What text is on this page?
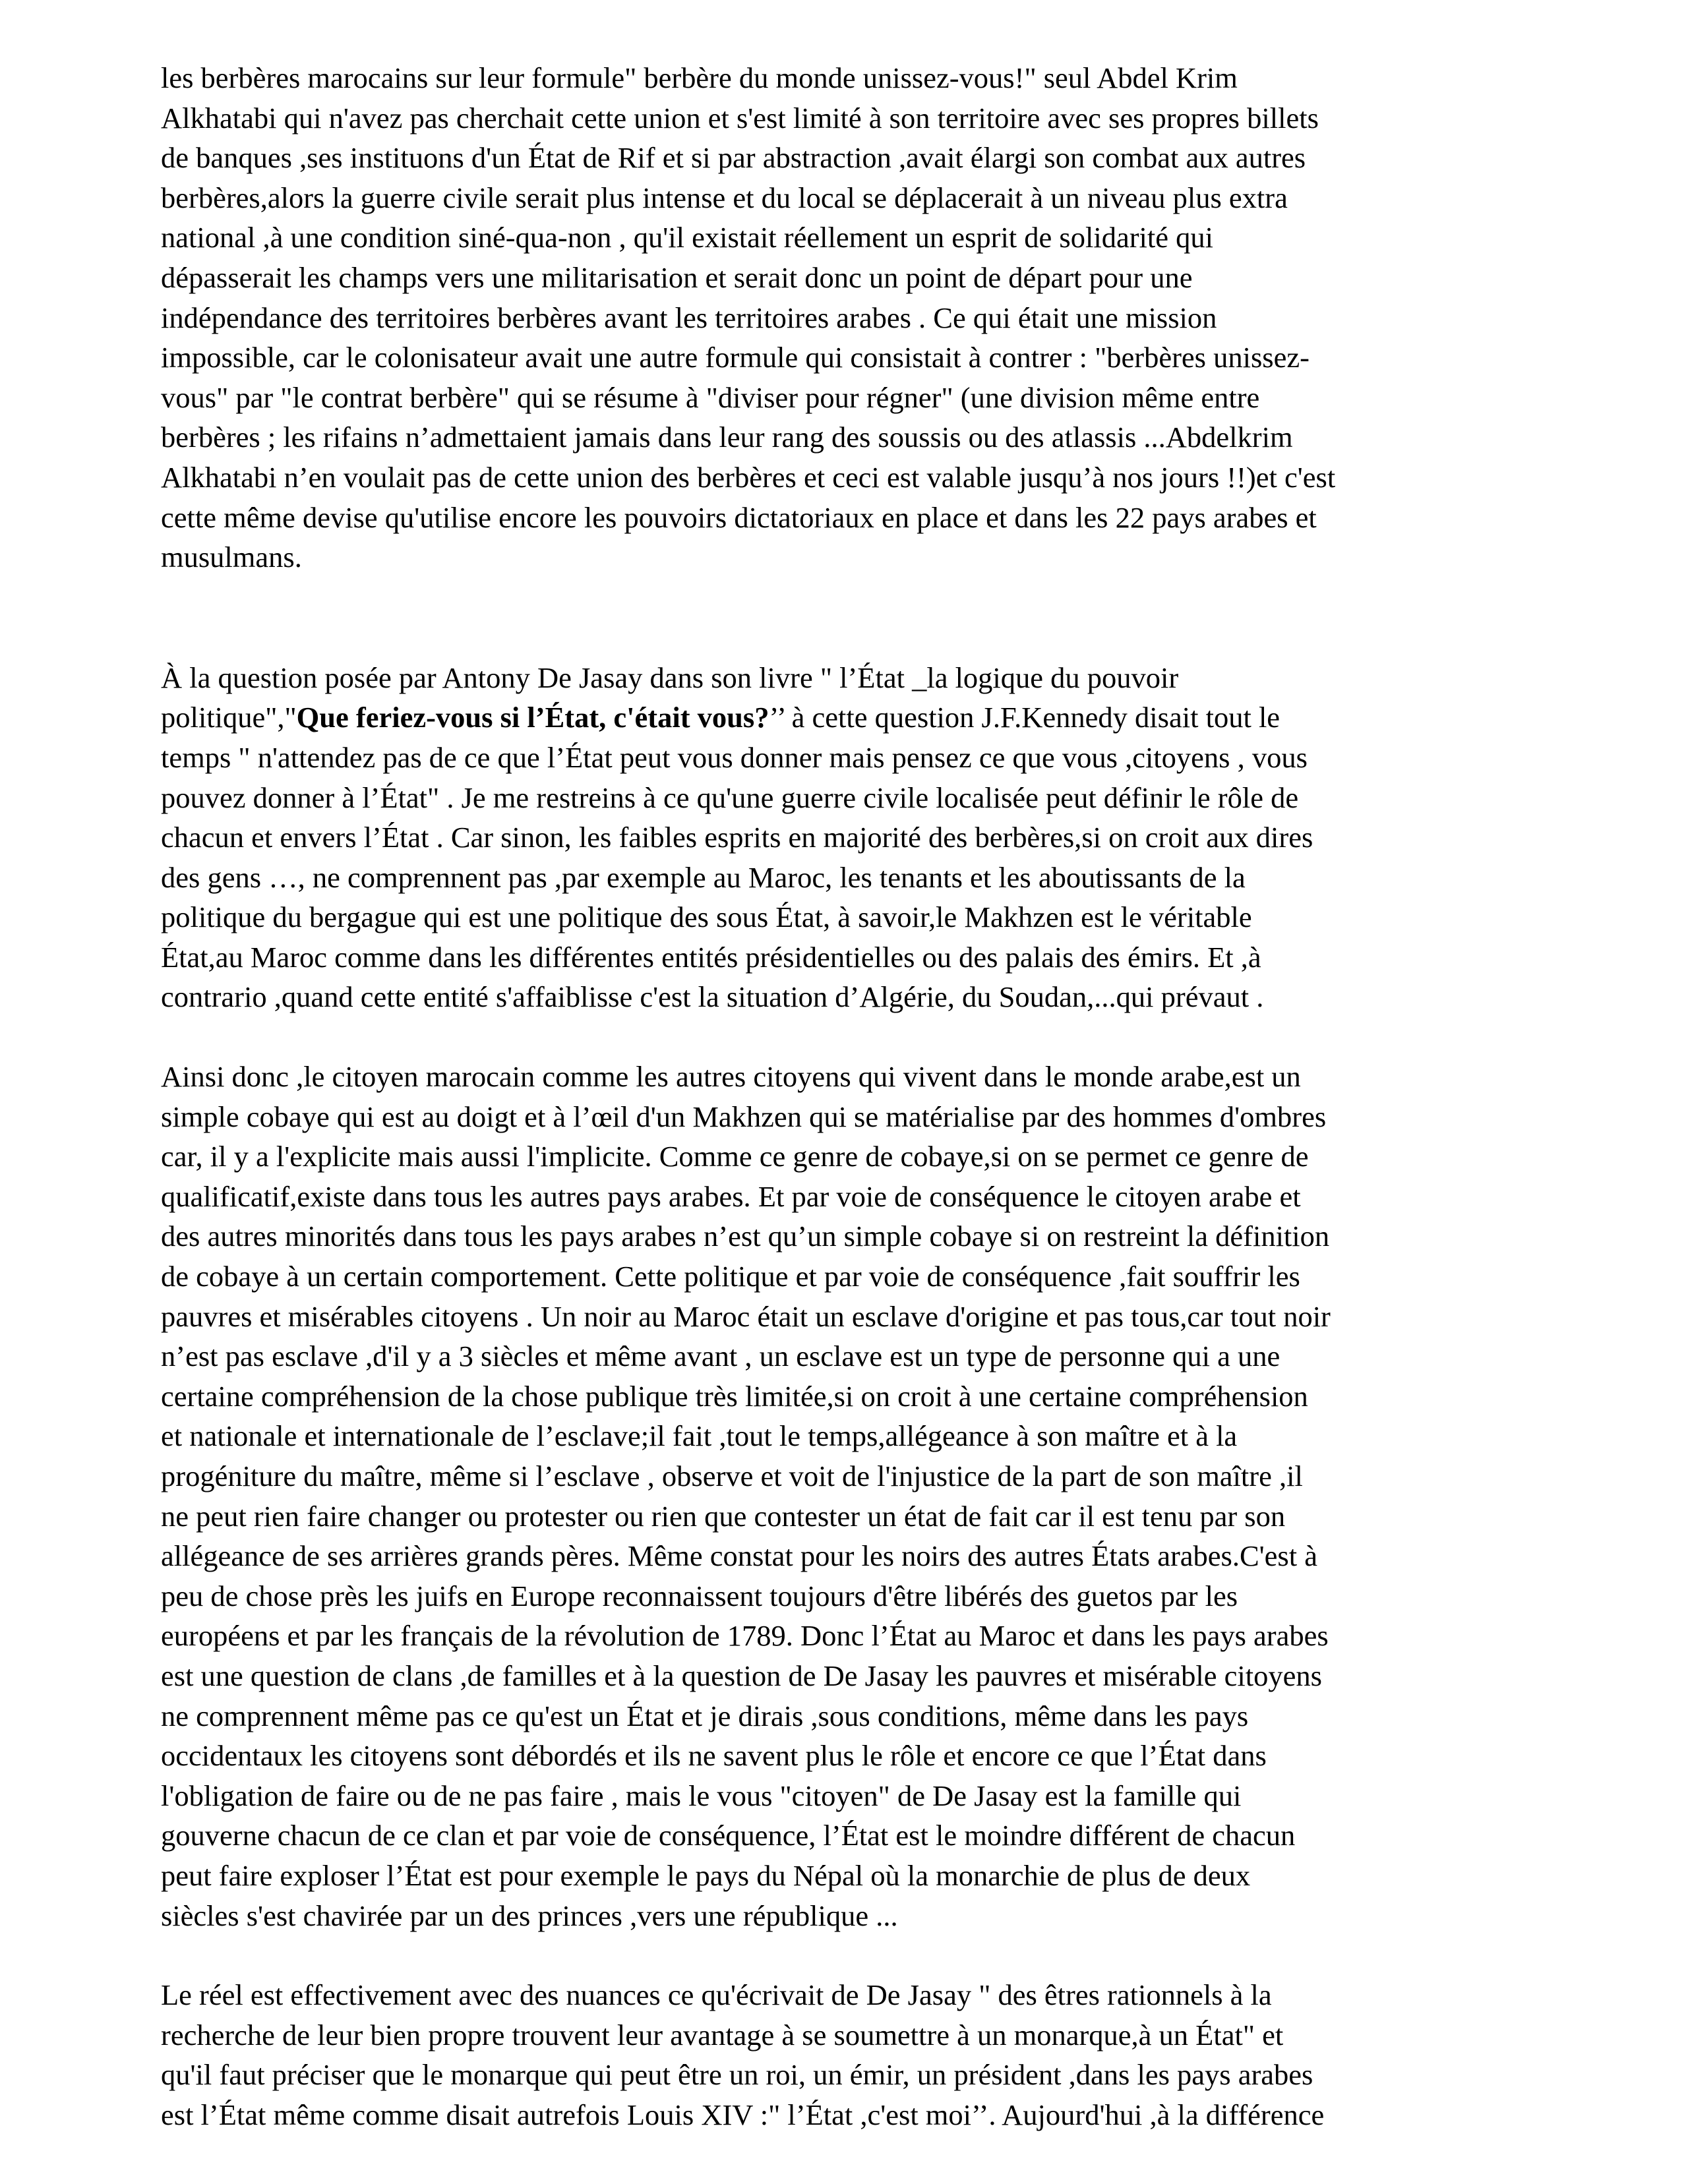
les berbères marocains sur leur formule" berbère du monde unissez-vous!" seul Abdel Krim
Alkhatabi qui n'avez pas cherchait cette union et s'est limité à son territoire avec ses propres billets
de banques ,ses instituons d'un État de Rif et si par abstraction ,avait élargi son combat aux autres
berbères,alors la guerre civile serait plus intense et du local se déplacerait à un niveau plus extra
national ,à une condition siné-qua-non , qu'il existait réellement un esprit de solidarité qui
dépasserait les champs vers une militarisation et serait donc un point de départ pour une
indépendance des territoires berbères avant les territoires arabes . Ce qui était une mission
impossible, car le colonisateur avait une autre formule qui consistait à contrer : "berbères unissez-
vous" par "le contrat berbère" qui se résume à "diviser pour régner" (une division même entre
berbères ; les rifains n’admettaient jamais dans leur rang des soussis ou des atlassis ...Abdelkrim
Alkhatabi n’en voulait pas de cette union des berbères et ceci est valable jusqu’à nos jours !!)et c'est
cette même devise qu'utilise encore les pouvoirs dictatoriaux en place et dans les 22 pays arabes et
musulmans.

À la question posée par Antony De Jasay dans son livre " l’État _la logique du pouvoir
politique","Que feriez-vous si l’État, c'était vous?’’ à cette question J.F.Kennedy disait tout le
temps " n'attendez pas de ce que l’État peut vous donner mais pensez ce que vous ,citoyens , vous
pouvez donner à l’État" . Je me restreins à ce qu'une guerre civile localisée peut définir le rôle de
chacun et envers l’État . Car sinon, les faibles esprits en majorité des berbères,si on croit aux dires
des gens …, ne comprennent pas ,par exemple au Maroc, les tenants et les aboutissants de la
politique du bergague qui est une politique des sous État, à savoir,le Makhzen est le véritable
État,au Maroc comme dans les différentes entités présidentielles ou des palais des émirs. Et ,à
contrario ,quand cette entité s'affaiblisse c'est la situation d’Algérie, du Soudan,...qui prévaut .

Ainsi donc ,le citoyen marocain comme les autres citoyens qui vivent dans le monde arabe,est un
simple cobaye qui est au doigt et à l’œil d'un Makhzen qui se matérialise par des hommes d'ombres
car, il y a l'explicite mais aussi l'implicite. Comme ce genre de cobaye,si on se permet ce genre de
qualificatif,existe dans tous les autres pays arabes. Et par voie de conséquence le citoyen arabe et
des autres minorités dans tous les pays arabes n’est qu’un simple cobaye si on restreint la définition
de cobaye à un certain comportement. Cette politique et par voie de conséquence ,fait souffrir les
pauvres et misérables citoyens . Un noir au Maroc était un esclave d'origine et pas tous,car tout noir
n’est pas esclave ,d'il y a 3 siècles et même avant , un esclave est un type de personne qui a une
certaine compréhension de la chose publique très limitée,si on croit à une certaine compréhension
et nationale et internationale de l’esclave;il fait ,tout le temps,allégeance à son maître et à la
progéniture du maître, même si l’esclave , observe et voit de l'injustice de la part de son maître ,il
ne peut rien faire changer ou protester ou rien que contester un état de fait car il est tenu par son
allégeance de ses arrières grands pères. Même constat pour les noirs des autres États arabes.C'est à
peu de chose près les juifs en Europe reconnaissent toujours d'être libérés des guetos par les
européens et par les français de la révolution de 1789. Donc l’État au Maroc et dans les pays arabes
est une question de clans ,de familles et à la question de De Jasay les pauvres et misérable citoyens
ne comprennent même pas ce qu'est un État et je dirais ,sous conditions, même dans les pays
occidentaux les citoyens sont débordés et ils ne savent plus le rôle et encore ce que l’État dans
l'obligation de faire ou de ne pas faire , mais le vous "citoyen" de De Jasay est la famille qui
gouverne chacun de ce clan et par voie de conséquence, l’État est le moindre différent de chacun
peut faire exploser l’État est pour exemple le pays du Népal où la monarchie de plus de deux
siècles s'est chavirée par un des princes ,vers une république ...

Le réel est effectivement avec des nuances ce qu'écrivait de De Jasay " des êtres rationnels à la
recherche de leur bien propre trouvent leur avantage à se soumettre à un monarque,à un État" et
qu'il faut préciser que le monarque qui peut être un roi, un émir, un président ,dans les pays arabes
est l’État même comme disait autrefois Louis XIV :" l’État ,c'est moi’’. Aujourd'hui ,à la différence
